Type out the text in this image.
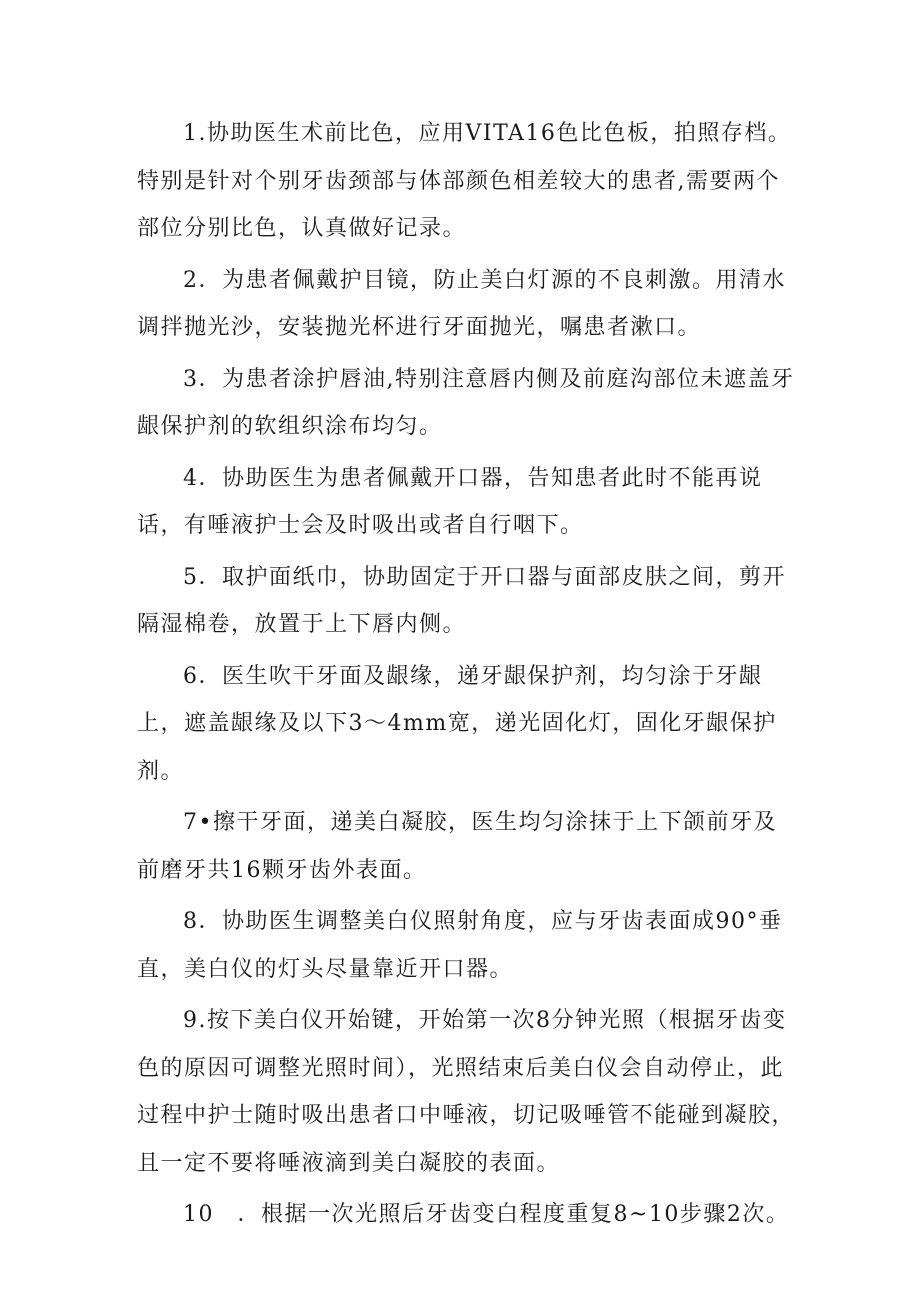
1.协助医生术前比色，应用VITA16色比色板，拍照存档。特别是针对个别牙齿颈部与体部颜色相差较大的患者,需要两个部位分别比色，认真做好记录。

2．为患者佩戴护目镜，防止美白灯源的不良刺激。用清水调拌抛光沙，安装抛光杯进行牙面抛光，嘱患者漱口。

3．为患者涂护唇油,特别注意唇内侧及前庭沟部位未遮盖牙龈保护剂的软组织涂布均匀。

4．协助医生为患者佩戴开口器，告知患者此时不能再说话，有唾液护士会及时吸出或者自行咽下。

5．取护面纸巾，协助固定于开口器与面部皮肤之间，剪开隔湿棉卷，放置于上下唇内侧。

6．医生吹干牙面及龈缘，递牙龈保护剂，均匀涂于牙龈上，遮盖龈缘及以下3～4mm宽，递光固化灯，固化牙龈保护剂。

7•擦干牙面，递美白凝胶，医生均匀涂抹于上下颌前牙及前磨牙共16颗牙齿外表面。

8．协助医生调整美白仪照射角度，应与牙齿表面成90°垂直，美白仪的灯头尽量靠近开口器。

9.按下美白仪开始键，开始第一次8分钟光照（根据牙齿变色的原因可调整光照时间），光照结束后美白仪会自动停止，此过程中护士随时吸出患者口中唾液，切记吸唾管不能碰到凝胶，且一定不要将唾液滴到美白凝胶的表面。

10　．根据一次光照后牙齿变白程度重复8~10步骤2次。
